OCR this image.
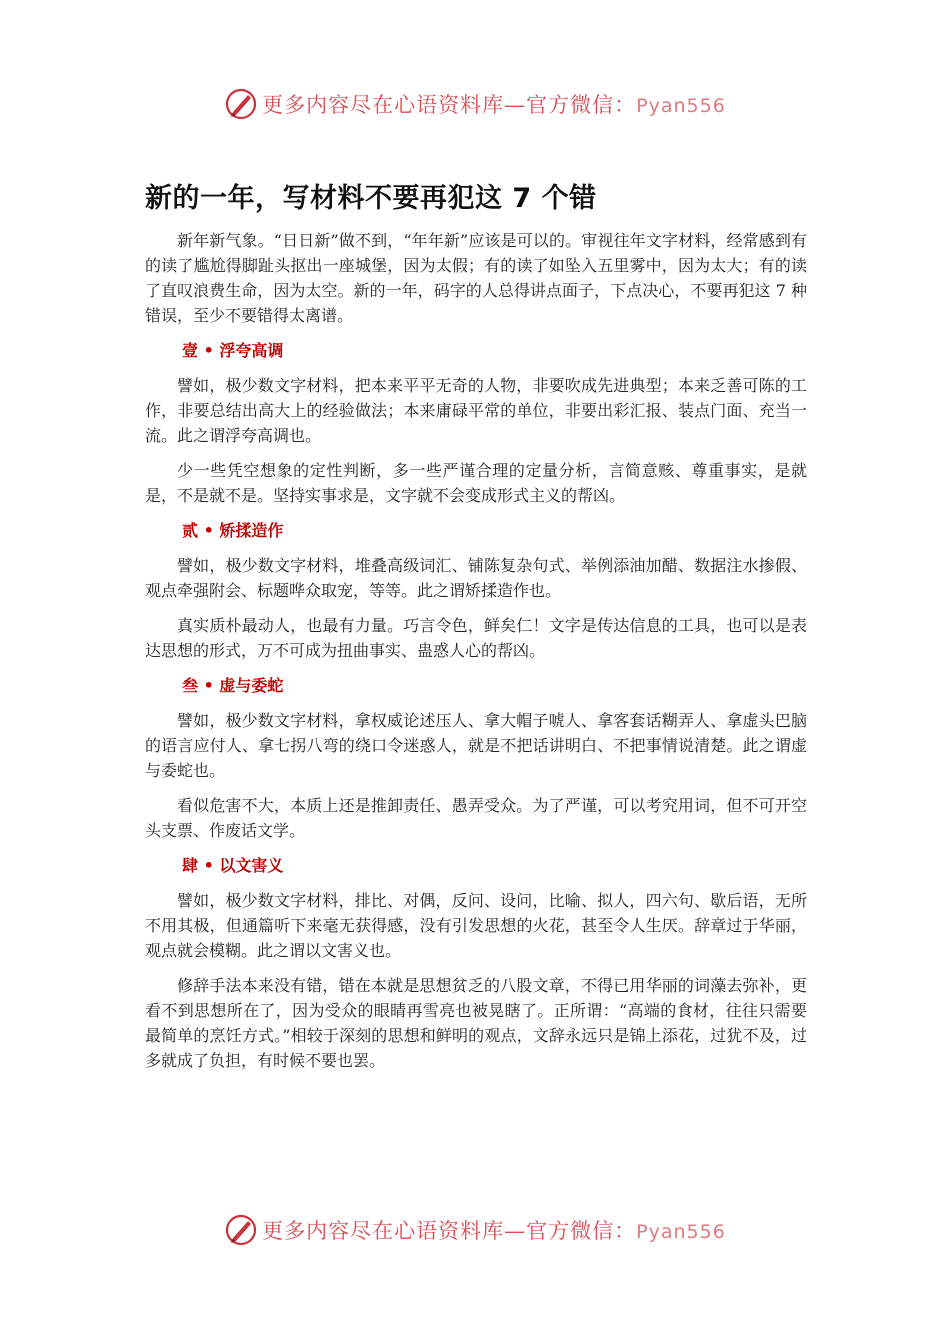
更多内容尽在心语资料库—官方微信：Pyan556
新的一年，写材料不要再犯这 7 个错

新年新气象。“日日新”做不到，“年年新”应该是可以的。审视往年文字材料，经常感到有的读了尴尬得脚趾头抠出一座城堡，因为太假；有的读了如坠入五里雾中，因为太大；有的读了直叹浪费生命，因为太空。新的一年，码字的人总得讲点面子，下点决心，不要再犯这 7 种错误，至少不要错得太离谱。

壹 • 浮夸高调

譬如，极少数文字材料，把本来平平无奇的人物，非要吹成先进典型；本来乏善可陈的工作，非要总结出高大上的经验做法；本来庸碌平常的单位，非要出彩汇报、装点门面、充当一流。此之谓浮夸高调也。

少一些凭空想象的定性判断，多一些严谨合理的定量分析，言简意赅、尊重事实，是就是，不是就不是。坚持实事求是，文字就不会变成形式主义的帮凶。

贰 • 矫揉造作

譬如，极少数文字材料，堆叠高级词汇、铺陈复杂句式、举例添油加醋、数据注水掺假、观点牵强附会、标题哗众取宠，等等。此之谓矫揉造作也。

真实质朴最动人，也最有力量。巧言令色，鲜矣仁！文字是传达信息的工具，也可以是表达思想的形式，万不可成为扭曲事实、蛊惑人心的帮凶。

叁 • 虚与委蛇

譬如，极少数文字材料，拿权威论述压人、拿大帽子唬人、拿客套话糊弄人、拿虚头巴脑的语言应付人、拿七拐八弯的绕口令迷惑人，就是不把话讲明白、不把事情说清楚。此之谓虚与委蛇也。

看似危害不大，本质上还是推卸责任、愚弄受众。为了严谨，可以考究用词，但不可开空头支票、作废话文学。

肆 • 以文害义

譬如，极少数文字材料，排比、对偶，反问、设问，比喻、拟人，四六句、歇后语，无所不用其极，但通篇听下来毫无获得感，没有引发思想的火花，甚至令人生厌。辞章过于华丽，观点就会模糊。此之谓以文害义也。

修辞手法本来没有错，错在本就是思想贫乏的八股文章，不得已用华丽的词藻去弥补，更看不到思想所在了，因为受众的眼睛再雪亮也被晃瞎了。正所谓：“高端的食材，往往只需要最简单的烹饪方式。”相较于深刻的思想和鲜明的观点，文辞永远只是锦上添花，过犹不及，过多就成了负担，有时候不要也罢。

更多内容尽在心语资料库—官方微信：Pyan556
